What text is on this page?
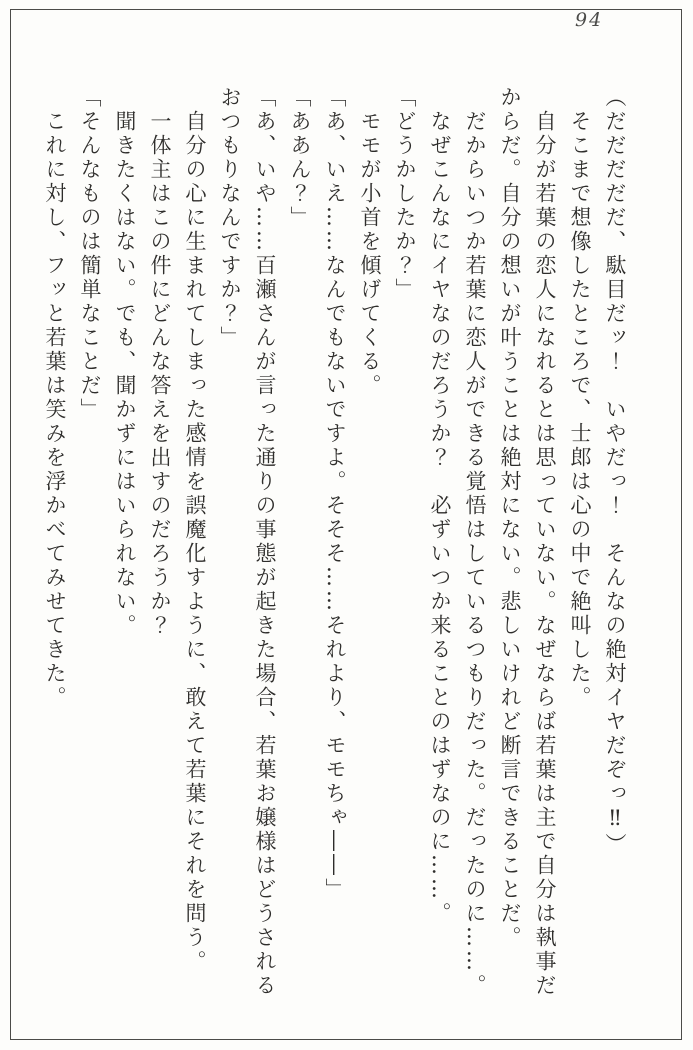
94

（だだだだだ、駄目だッ！　いやだっ！　そんなの絶対イヤだぞっ‼）

そこまで想像したところで、士郎は心の中で絶叫した。

自分が若葉の恋人になれるとは思っていない。なぜならば若葉は主で自分は執事だ

からだ。自分の想いが叶うことは絶対にない。悲しいけれど断言できることだ。

だからいつか若葉に恋人ができる覚悟はしているつもりだった。だったのに……。

なぜこんなにイヤなのだろうか？　必ずいつか来ることのはずなのに……。

「どうかしたか？」

モモが小首を傾げてくる。

「あ、いえ……なんでもないですよ。そそそ……それより、モモちゃ――」

「ああん？」

「あ、いや……百瀬さんが言った通りの事態が起きた場合、若葉お嬢様はどうされる

おつもりなんですか？」

自分の心に生まれてしまった感情を誤魔化すように、敢えて若葉にそれを問う。

一体主はこの件にどんな答えを出すのだろうか？

聞きたくはない。でも、聞かずにはいられない。

「そんなものは簡単なことだ」

これに対し、フッと若葉は笑みを浮かべてみせてきた。
